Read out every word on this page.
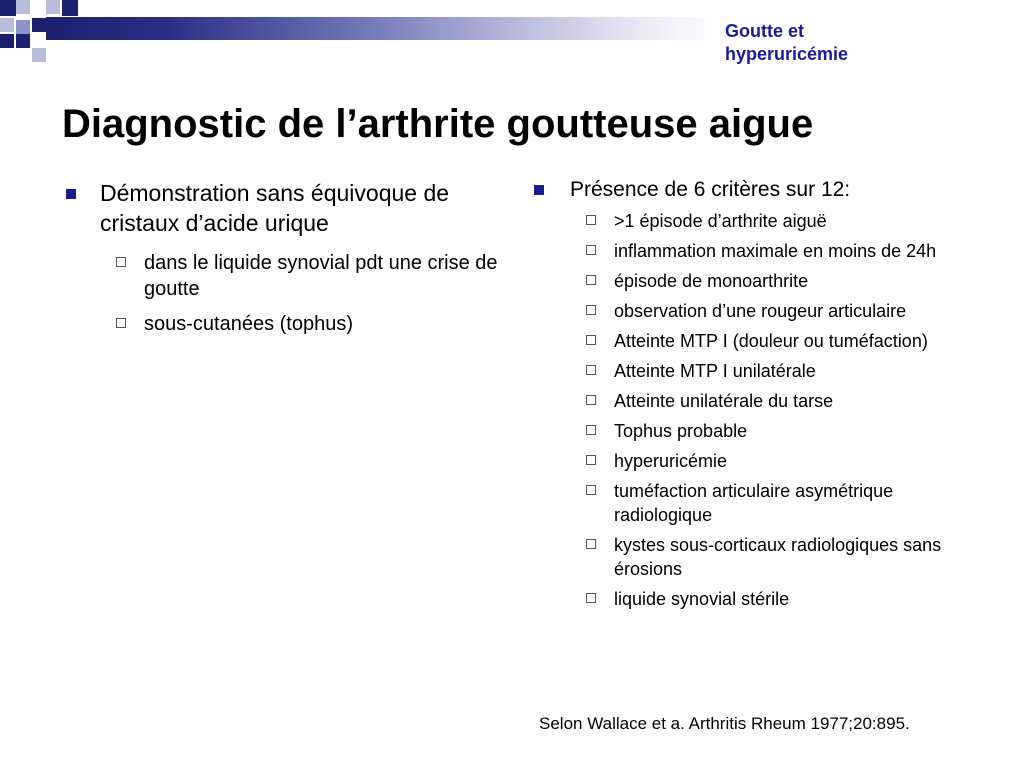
Goutte et
hyperuricémie
Diagnostic de l’arthrite goutteuse aigue
Démonstration sans équivoque de cristaux d’acide urique
dans le liquide synovial pdt une crise de goutte
sous-cutanées (tophus)
Présence de 6 critères sur 12:
>1 épisode d’arthrite aiguë
inflammation maximale en moins de 24h
épisode de monoarthrite
observation d’une rougeur articulaire
Atteinte MTP I (douleur ou tuméfaction)
Atteinte MTP I unilatérale
Atteinte unilatérale du tarse
Tophus probable
hyperuricémie
tuméfaction articulaire asymétrique radiologique
kystes sous-corticaux radiologiques sans érosions
liquide synovial stérile
Selon Wallace et a. Arthritis Rheum 1977;20:895.
